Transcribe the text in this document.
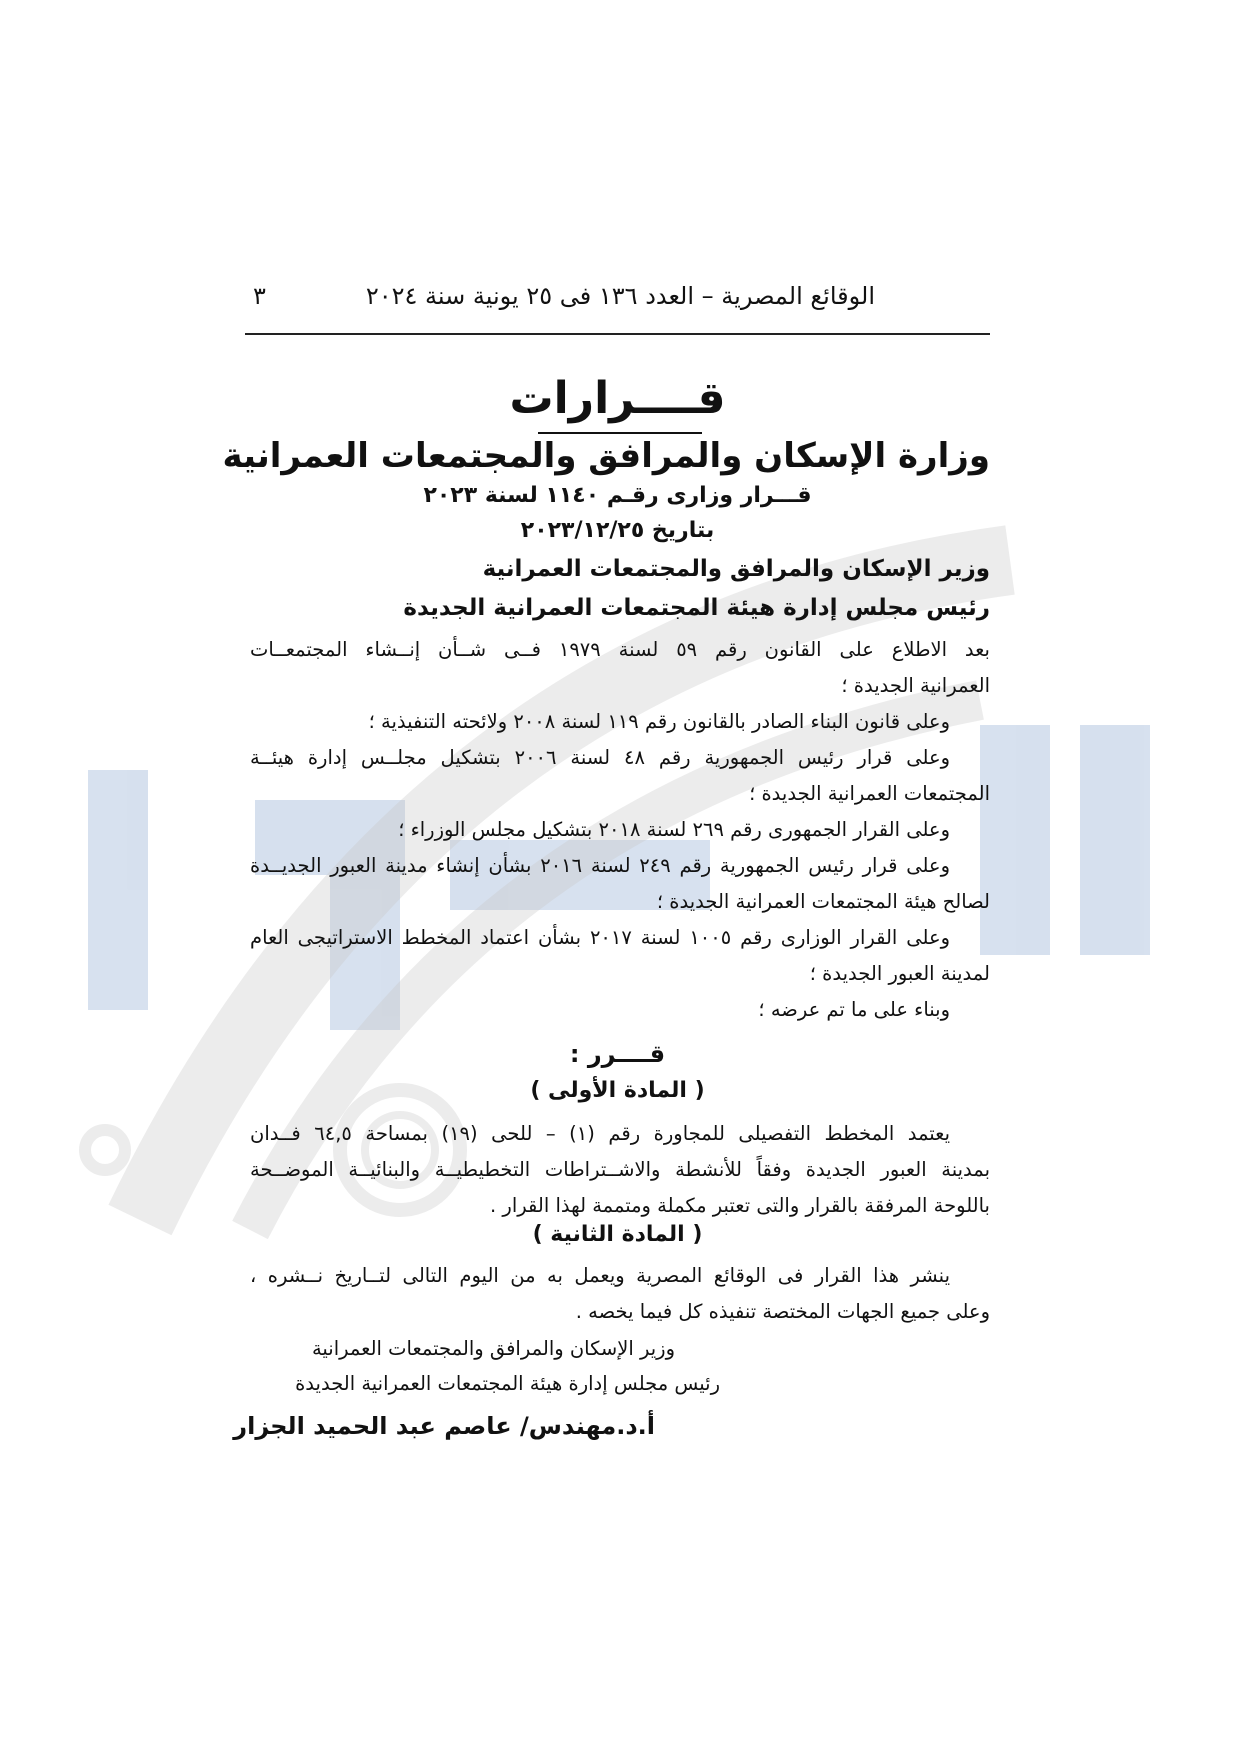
الوقائع المصرية – العدد ١٣٦ فى ٢٥ يونية سنة ٢٠٢٤
٣
قــــرارات
وزارة الإسكان والمرافق والمجتمعات العمرانية
قـــرار وزارى رقـم ١١٤٠ لسنة ٢٠٢٣
بتاريخ ٢٠٢٣/١٢/٢٥
وزير الإسكان والمرافق والمجتمعات العمرانية
رئيس مجلس إدارة هيئة المجتمعات العمرانية الجديدة
بعد الاطلاع على القانون رقم ٥٩ لسنة ١٩٧٩ فــى شــأن إنــشاء المجتمعــات
العمرانية الجديدة ؛
وعلى قانون البناء الصادر بالقانون رقم ١١٩ لسنة ٢٠٠٨ ولائحته التنفيذية ؛
وعلى قرار رئيس الجمهورية رقم ٤٨ لسنة ٢٠٠٦ بتشكيل مجلــس إدارة هيئــة
المجتمعات العمرانية الجديدة ؛
وعلى القرار الجمهورى رقم ٢٦٩ لسنة ٢٠١٨ بتشكيل مجلس الوزراء ؛
وعلى قرار رئيس الجمهورية رقم ٢٤٩ لسنة ٢٠١٦ بشأن إنشاء مدينة العبور الجديــدة
لصالح هيئة المجتمعات العمرانية الجديدة ؛
وعلى القرار الوزارى رقم ١٠٠٥ لسنة ٢٠١٧ بشأن اعتماد المخطط الاستراتيجى العام
لمدينة العبور الجديدة ؛
وبناء على ما تم عرضه ؛
قــــرر :
( المادة الأولى )
يعتمد المخطط التفصيلى للمجاورة رقم (١) – للحى (١٩) بمساحة ٦٤,٥ فــدان
بمدينة العبور الجديدة وفقاً للأنشطة والاشــتراطات التخطيطيــة والبنائيــة الموضــحة
باللوحة المرفقة بالقرار والتى تعتبر مكملة ومتممة لهذا القرار .
( المادة الثانية )
ينشر هذا القرار فى الوقائع المصرية ويعمل به من اليوم التالى لتــاريخ نــشره ،
وعلى جميع الجهات المختصة تنفيذه كل فيما يخصه .
وزير الإسكان والمرافق والمجتمعات العمرانية
رئيس مجلس إدارة هيئة المجتمعات العمرانية الجديدة
أ.د.مهندس/ عاصم عبد الحميد الجزار
